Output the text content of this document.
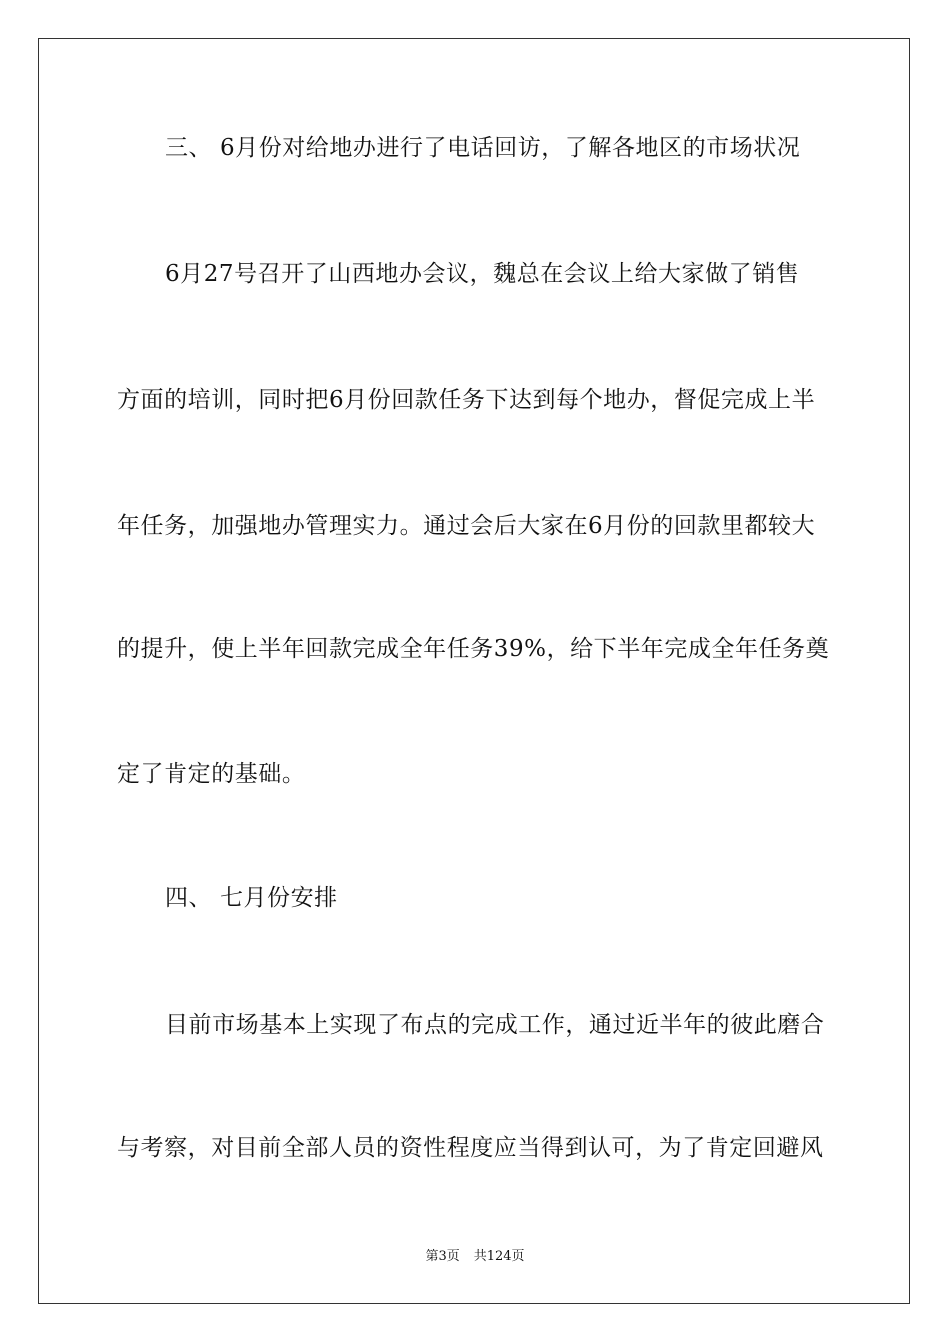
三、 6月份对给地办进行了电话回访，了解各地区的市场状况
6月27号召开了山西地办会议，魏总在会议上给大家做了销售
方面的培训，同时把6月份回款任务下达到每个地办，督促完成上半
年任务，加强地办管理实力。通过会后大家在6月份的回款里都较大
的提升，使上半年回款完成全年任务39%，给下半年完成全年任务奠
定了肯定的基础。
四、 七月份安排
目前市场基本上实现了布点的完成工作，通过近半年的彼此磨合
与考察，对目前全部人员的资性程度应当得到认可，为了肯定回避风
第3页 共124页
